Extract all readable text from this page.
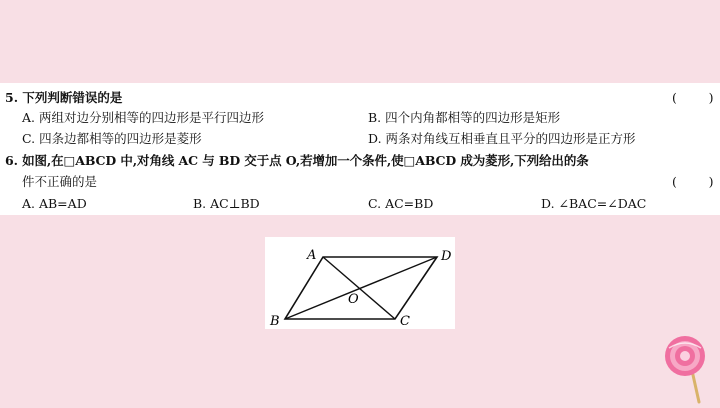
5. 下列判断错误的是	(        )
A. 两组对边分别相等的四边形是平行四边形	B. 四个内角都相等的四边形是矩形
C. 四条边都相等的四边形是菱形	D. 两条对角线互相垂直且平分的四边形是正方形
6. 如图,在□ABCD 中,对角线 AC 与 BD 交于点 O,若增加一个条件,使□ABCD 成为菱形,下列给出的条
件不正确的是	(        )
A. AB=AD	B. AC⊥BD	C. AC=BD	D. ∠BAC=∠DAC
A	D
B	C
O
